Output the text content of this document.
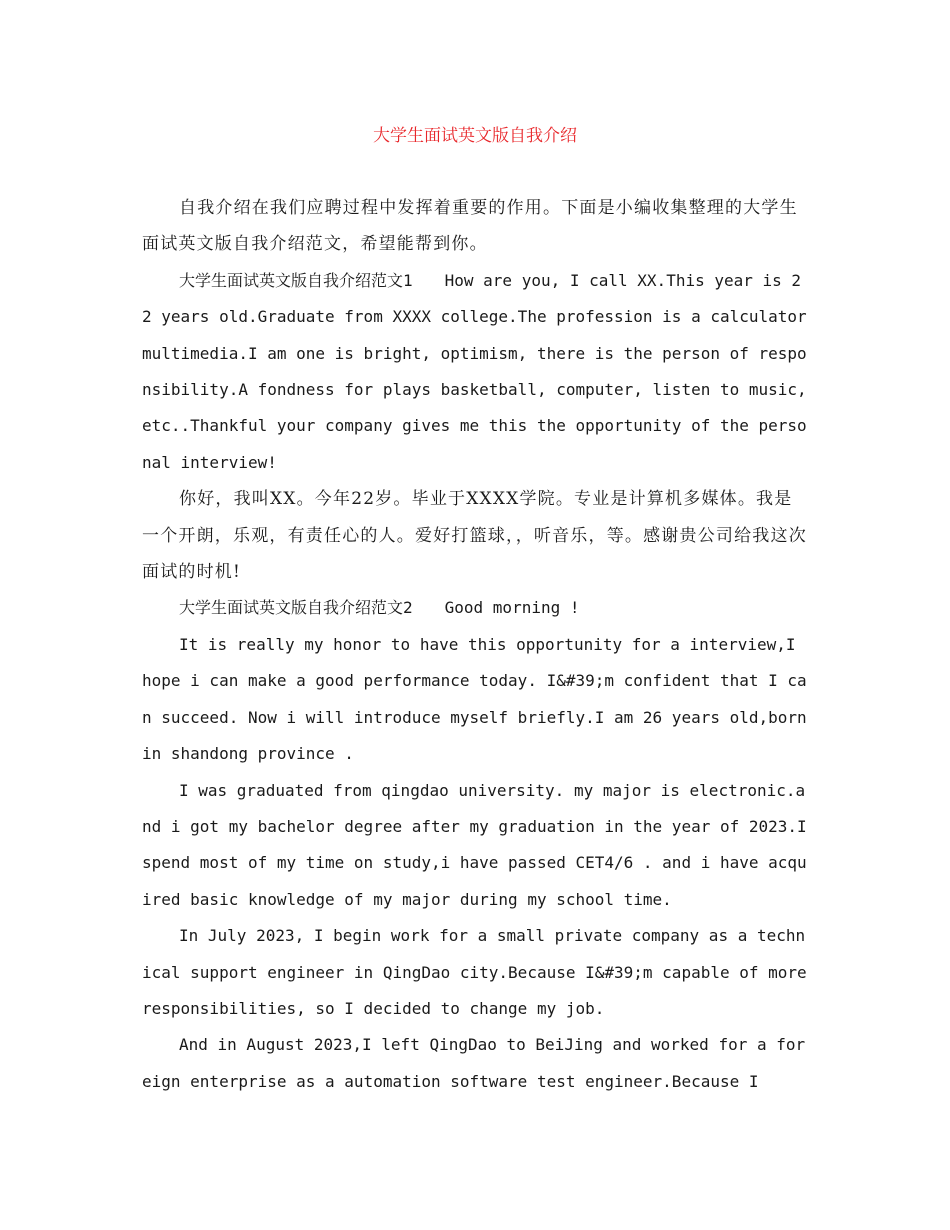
大学生面试英文版自我介绍

自我介绍在我们应聘过程中发挥着重要的作用。下面是小编收集整理的大学生面试英文版自我介绍范文，希望能帮到你。

大学生面试英文版自我介绍范文1　　How are you, I call XX.This year is 22 years old.Graduate from XXXX college.The profession is a calculator multimedia.I am one is bright, optimism, there is the person of responsibility.A fondness for plays basketball, computer, listen to music, etc..Thankful your company gives me this the opportunity of the personal interview!

你好，我叫XX。今年22岁。毕业于XXXX学院。专业是计算机多媒体。我是一个开朗，乐观，有责任心的人。爱好打篮球，，听音乐，等。感谢贵公司给我这次面试的时机!

大学生面试英文版自我介绍范文2　　Good morning !

It is really my honor to have this opportunity for a interview,I hope i can make a good performance today. I&#39;m confident that I can succeed. Now i will introduce myself briefly.I am 26 years old,born in shandong province .

I was graduated from qingdao university. my major is electronic.and i got my bachelor degree after my graduation in the year of 2023.I spend most of my time on study,i have passed CET4/6 . and i have acquired basic knowledge of my major during my school time.

In July 2023, I begin work for a small private company as a technical support engineer in QingDao city.Because I&#39;m capable of more responsibilities, so I decided to change my job.

And in August 2023,I left QingDao to BeiJing and worked for a foreign enterprise as a automation software test engineer.Because I
